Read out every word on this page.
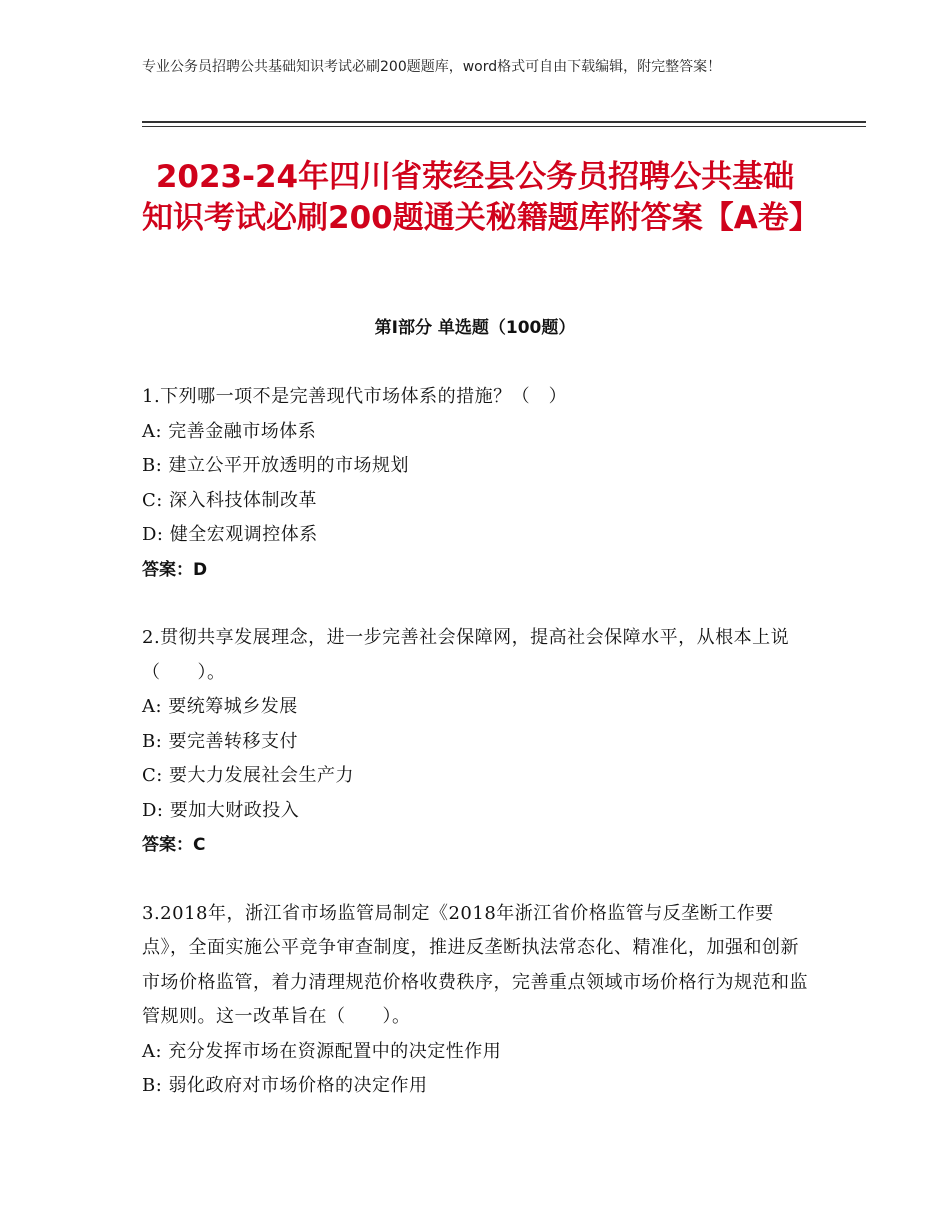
专业公务员招聘公共基础知识考试必刷200题题库，word格式可自由下载编辑，附完整答案！
2023-24年四川省荥经县公务员招聘公共基础知识考试必刷200题通关秘籍题库附答案【A卷】
第Ⅰ部分 单选题（100题）

1.下列哪一项不是完善现代市场体系的措施？（　）

A: 完善金融市场体系

B: 建立公平开放透明的市场规划

C: 深入科技体制改革

D: 健全宏观调控体系

答案：D

2.贯彻共享发展理念，进一步完善社会保障网，提高社会保障水平，从根本上说（　　）。

A: 要统筹城乡发展

B: 要完善转移支付

C: 要大力发展社会生产力

D: 要加大财政投入

答案：C

3.2018年，浙江省市场监管局制定《2018年浙江省价格监管与反垄断工作要点》，全面实施公平竞争审查制度，推进反垄断执法常态化、精准化，加强和创新市场价格监管，着力清理规范价格收费秩序，完善重点领域市场价格行为规范和监管规则。这一改革旨在（　　）。

A: 充分发挥市场在资源配置中的决定性作用

B: 弱化政府对市场价格的决定作用
